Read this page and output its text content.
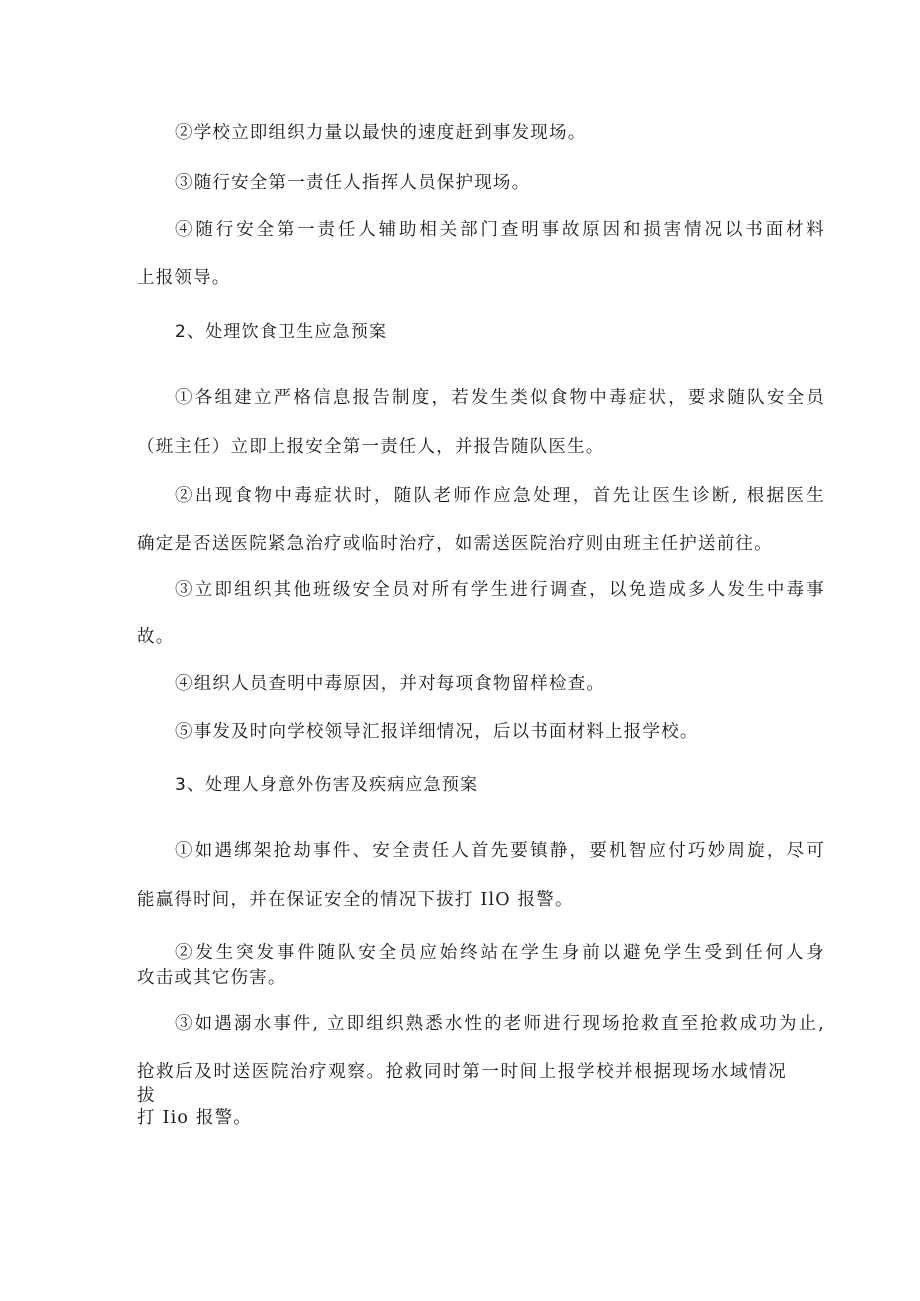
②学校立即组织力量以最快的速度赶到事发现场。
③随行安全第一责任人指挥人员保护现场。
④随行安全第一责任人辅助相关部门查明事故原因和损害情况以书面材料
上报领导。
2、处理饮食卫生应急预案
①各组建立严格信息报告制度，若发生类似食物中毒症状，要求随队安全员
（班主任）立即上报安全第一责任人，并报告随队医生。
②出现食物中毒症状时，随队老师作应急处理，首先让医生诊断, 根据医生
确定是否送医院紧急治疗或临时治疗，如需送医院治疗则由班主任护送前往。
③立即组织其他班级安全员对所有学生进行调查，以免造成多人发生中毒事
故。
④组织人员查明中毒原因，并对每项食物留样检查。
⑤事发及时向学校领导汇报详细情况，后以书面材料上报学校。
3、处理人身意外伤害及疾病应急预案
①如遇绑架抢劫事件、安全责任人首先要镇静，要机智应付巧妙周旋，尽可
能赢得时间，并在保证安全的情况下拔打 IlO 报警。
②发生突发事件随队安全员应始终站在学生身前以避免学生受到任何人身
攻击或其它伤害。
③如遇溺水事件, 立即组织熟悉水性的老师进行现场抢救直至抢救成功为止,
抢救后及时送医院治疗观察。抢救同时第一时间上报学校并根据现场水域情况拔
打 Iio 报警。
